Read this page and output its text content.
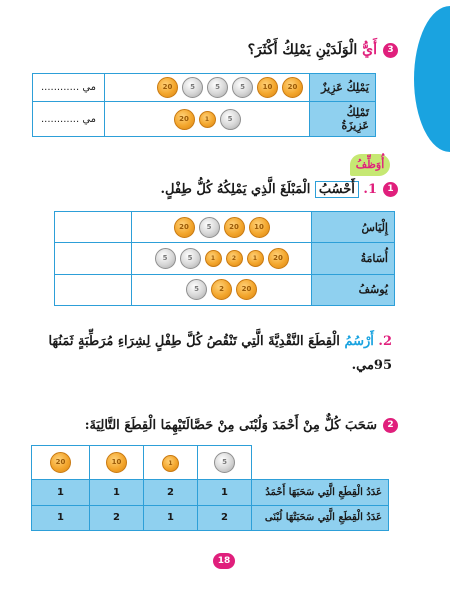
3
أَيُّ الْوَلَدَيْنِ يَمْلِكُ أَكْثَرَ؟
............ مي	20 5 5 5 10 20	يَمْلِكُ عَزِيزٌ
............ مي	20 1 5	تَمْلِكُ عَزِيزَةُ
أُوَظِّفُ
1
1. أَحْسُبُ الْمَبْلَغَ الَّذِي يَمْلِكُهُ كُلُّ طِفْلٍ.
	20 5 20 10	إِلْيَاسُ
	5 5 1 2 1 20	أُسَامَةُ
	5 2 20	يُوسُفُ
2. أَرْسُمُ الْقِطَعَ النَّقْدِيَّةَ الَّتِي تَنْقُصُ كُلَّ طِفْلٍ لِشِرَاءِ مُرَطِّبَةٍ ثَمَنُهَا
95مي.
2
سَحَبَ كُلٌّ مِنْ أَحْمَدَ وَلُبْنَى مِنْ حَصَّالَتَيْهِمَا الْقِطَعَ التَّالِيَةَ:
20	10	1	5	
1	1	2	1	عَدَدُ الْقِطَعِ الَّتِي سَحَبَهَا أَحْمَدُ
1	2	1	2	عَدَدُ الْقِطَعِ الَّتِي سَحَبَتْهَا لُبْنَى
18
